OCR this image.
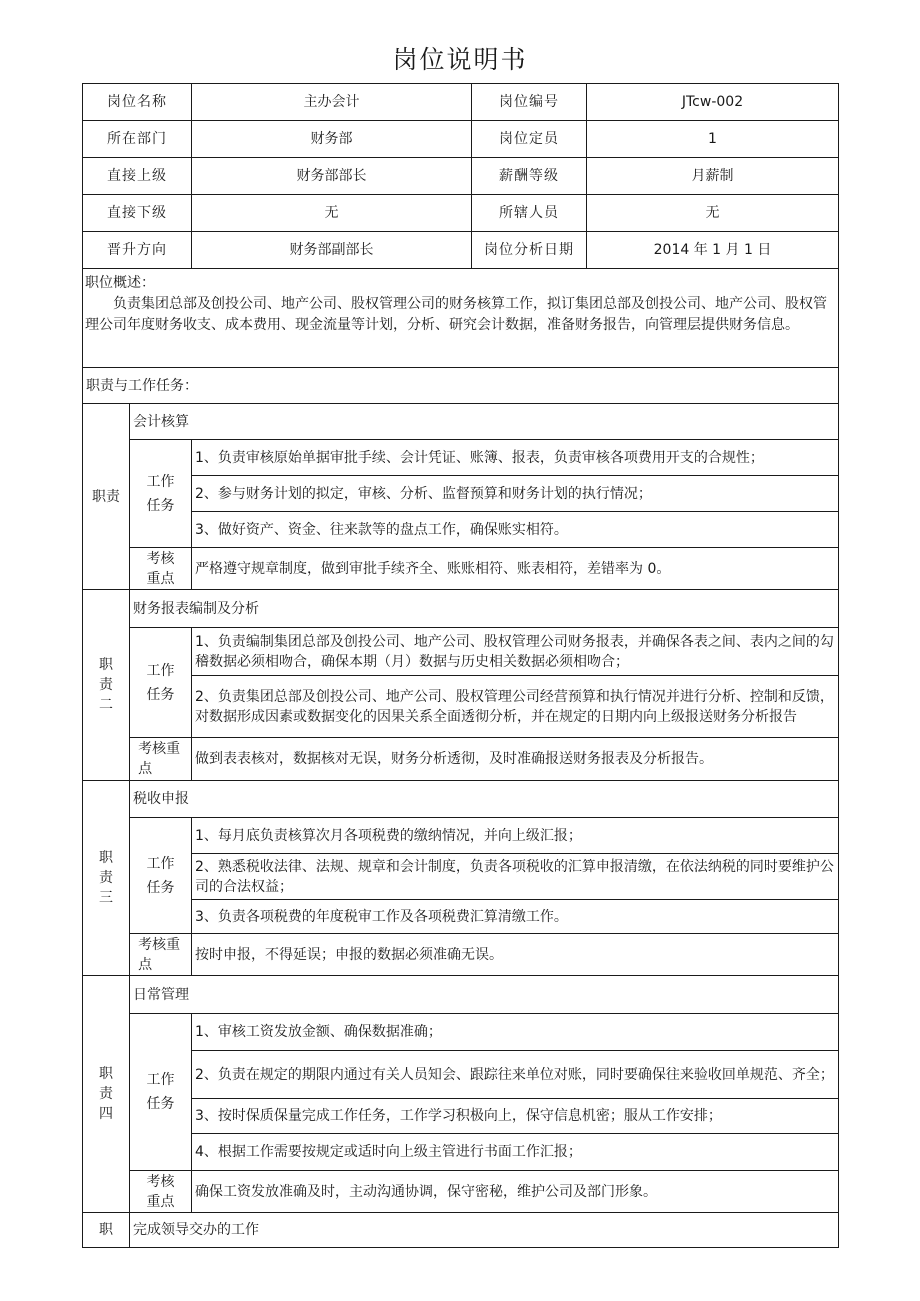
岗位说明书
岗位名称		主办会计	岗位编号	JTcw-002
所在部门		财务部	岗位定员	1
直接上级		财务部部长	薪酬等级	月薪制
直接下级		无	所辖人员	无
晋升方向		财务部副部长	岗位分析日期	2014 年 1 月 1 日

职位概述：

负责集团总部及创投公司、地产公司、股权管理公司的财务核算工作，拟订集团总部及创投公司、地产公司、股权管理公司年度财务收支、成本费用、现金流量等计划，分析、研究会计数据，准备财务报告，向管理层提供财务信息。				

职责与工作任务：				
职责	会计核算			

	工作任务	1、负责审核原始单据审批手续、会计凭证、账簿、报表，负责审核各项费用开支的合规性；		
		2、参与财务计划的拟定，审核、分析、监督预算和财务计划的执行情况；		
		3、做好资产、资金、往来款等的盘点工作，确保账实相符。		

	考核重点	严格遵守规章制度，做到审批手续齐全、账账相符、账表相符，差错率为 0。		

职责二	财务报表编制及分析			

	工作任务	1、负责编制集团总部及创投公司、地产公司、股权管理公司财务报表，并确保各表之间、表内之间的勾稽数据必须相吻合，确保本期（月）数据与历史相关数据必须相吻合；		
		2、负责集团总部及创投公司、地产公司、股权管理公司经营预算和执行情况并进行分析、控制和反馈，对数据形成因素或数据变化的因果关系全面透彻分析，并在规定的日期内向上级报送财务分析报告		

	考核重点	做到表表核对，数据核对无误，财务分析透彻，及时准确报送财务报表及分析报告。		

职责三	税收申报			

	工作任务	1、每月底负责核算次月各项税费的缴纳情况，并向上级汇报；		
		2、熟悉税收法律、法规、规章和会计制度，负责各项税收的汇算申报清缴，在依法纳税的同时要维护公司的合法权益；		
		3、负责各项税费的年度税审工作及各项税费汇算清缴工作。		

	考核重点	按时申报，不得延误；申报的数据必须准确无误。		

职责四	日常管理			

	工作任务	1、审核工资发放金额、确保数据准确；		
		2、负责在规定的期限内通过有关人员知会、跟踪往来单位对账，同时要确保往来验收回单规范、齐全；		
		3、按时保质保量完成工作任务，工作学习积极向上，保守信息机密；服从工作安排；		
		4、根据工作需要按规定或适时向上级主管进行书面工作汇报；		

	考核重点	确保工资发放准确及时，主动沟通协调，保守密秘，维护公司及部门形象。		
职	完成领导交办的工作			
